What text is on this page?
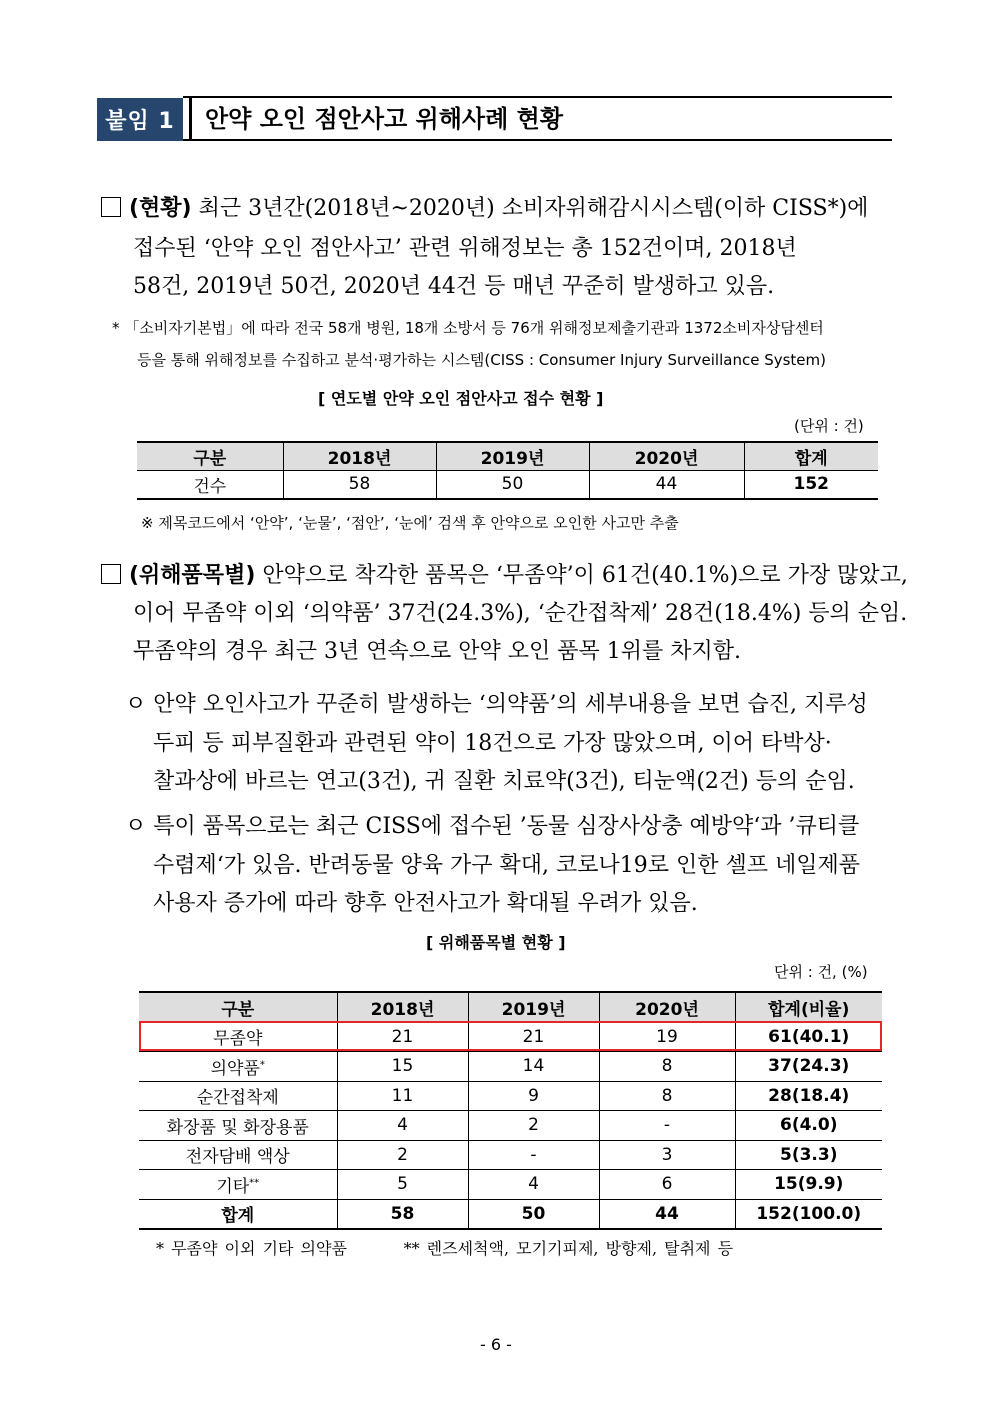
붙임 1	안약 오인 점안사고 위해사례 현황
(현황) 최근 3년간(2018년~2020년) 소비자위해감시시스템(이하 CISS*)에
접수된 ‘안약 오인 점안사고’ 관련 위해정보는 총 152건이며, 2018년
58건, 2019년 50건, 2020년 44건 등 매년 꾸준히 발생하고 있음.
* 「소비자기본법」에 따라 전국 58개 병원, 18개 소방서 등 76개 위해정보제출기관과 1372소비자상담센터
등을 통해 위해정보를 수집하고 분석·평가하는 시스템(CISS : Consumer Injury Surveillance System)
[ 연도별 안약 오인 점안사고 접수 현황 ]
(단위 : 건)
구분	2018년	2019년	2020년	합계
건수	58	50	44	152
※ 제목코드에서 ‘안약’, ‘눈물’, ‘점안’, ‘눈에’ 검색 후 안약으로 오인한 사고만 추출
(위해품목별) 안약으로 착각한 품목은 ‘무좀약’이 61건(40.1%)으로 가장 많았고,
이어 무좀약 이외 ‘의약품’ 37건(24.3%), ‘순간접착제’ 28건(18.4%) 등의 순임.
무좀약의 경우 최근 3년 연속으로 안약 오인 품목 1위를 차지함.
ㅇ 안약 오인사고가 꾸준히 발생하는 ‘의약품’의 세부내용을 보면 습진, 지루성
두피 등 피부질환과 관련된 약이 18건으로 가장 많았으며, 이어 타박상·
찰과상에 바르는 연고(3건), 귀 질환 치료약(3건), 티눈액(2건) 등의 순임.
ㅇ 특이 품목으로는 최근 CISS에 접수된 ’동물 심장사상충 예방약‘과 ’큐티클
수렴제‘가 있음. 반려동물 양육 가구 확대, 코로나19로 인한 셀프 네일제품
사용자 증가에 따라 향후 안전사고가 확대될 우려가 있음.
[ 위해품목별 현황 ]
단위 : 건, (%)
구분	2018년	2019년	2020년	합계(비율)
무좀약	21	21	19	61(40.1)
의약품*	15	14	8	37(24.3)
순간접착제	11	9	8	28(18.4)
화장품 및 화장용품	4	2	-	6(4.0)
전자담배 액상	2	-	3	5(3.3)
기타**	5	4	6	15(9.9)
합계	58	50	44	152(100.0)
* 무좀약 이외 기타 의약품        ** 렌즈세척액, 모기기피제, 방향제, 탈취제 등
- 6 -
